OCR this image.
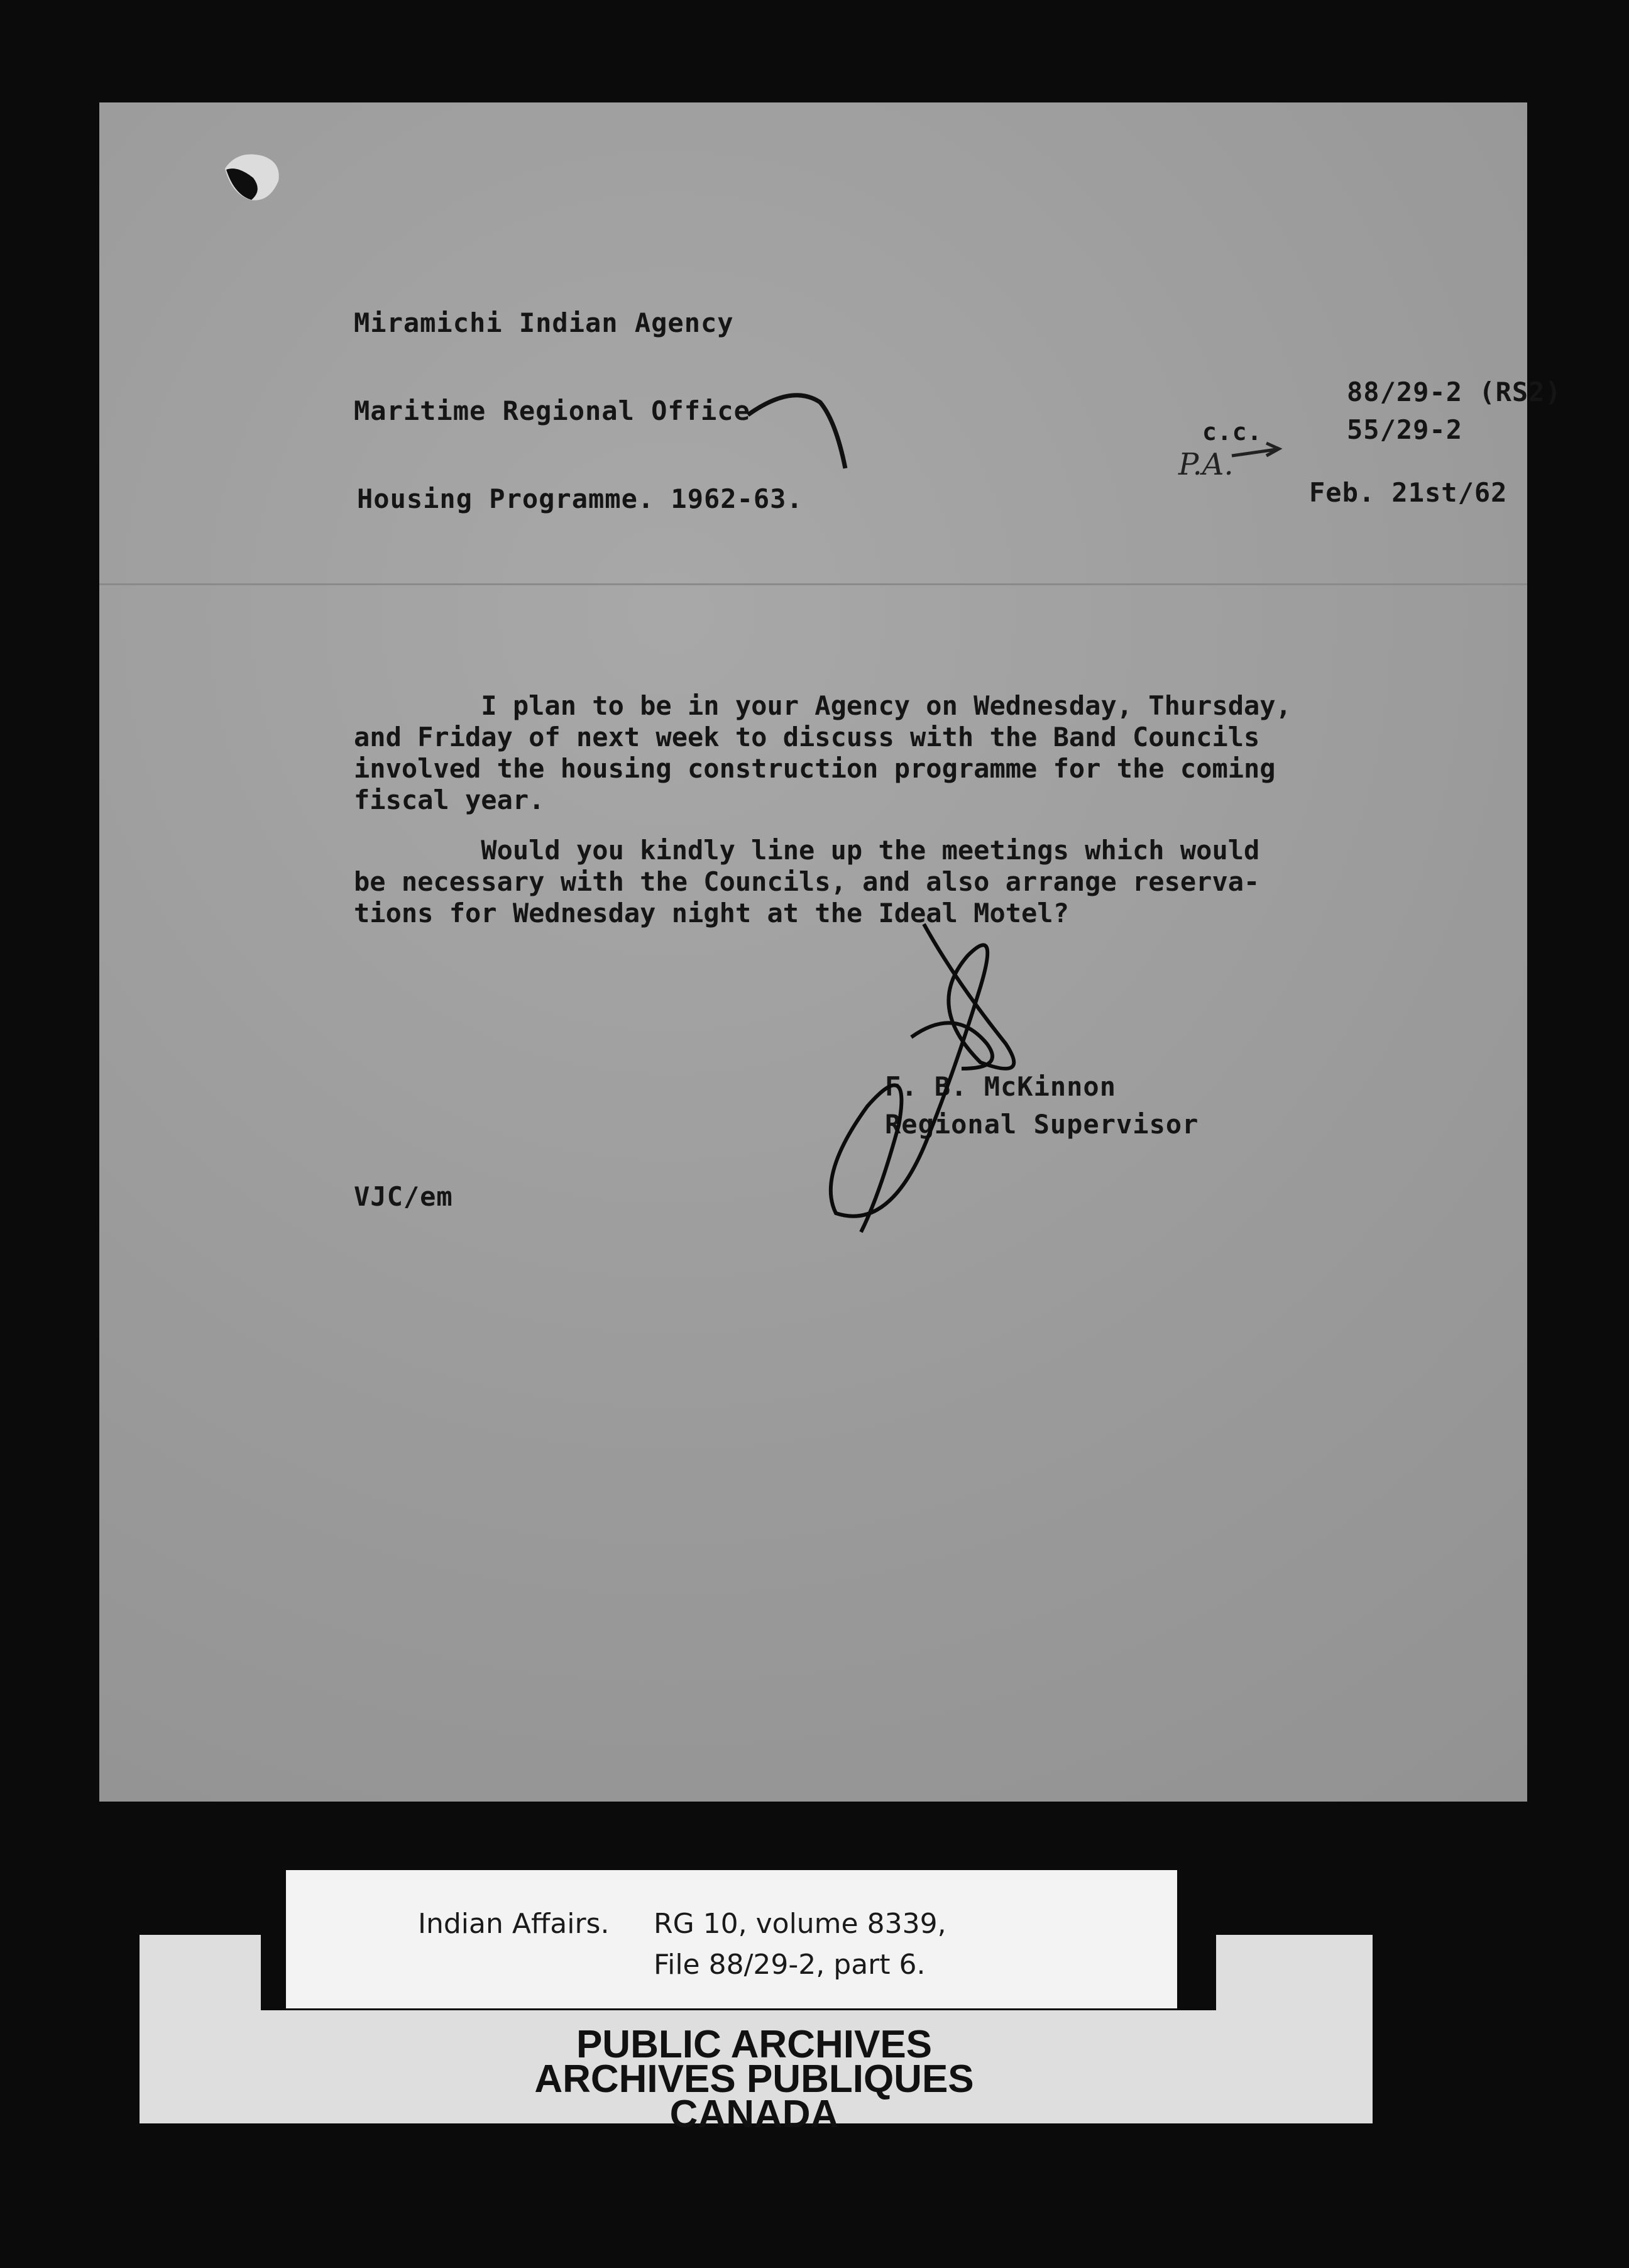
Miramichi Indian Agency
Maritime Regional Office
Housing Programme. 1962-63.
88/29-2 (RS2)
c.c.	55/29-2
Feb. 21st/62

I plan to be in your Agency on Wednesday, Thursday,

and Friday of next week to discuss with the Band Councils

involved the housing construction programme for the coming

fiscal year.

Would you kindly line up the meetings which would

be necessary with the Councils, and also arrange reserva-

tions for Wednesday night at the Ideal Motel?

F. B. McKinnon
Regional Supervisor
VJC/em
P.A.
Indian Affairs. RG 10, volume 8339,
File 88/29-2, part 6.
PUBLIC ARCHIVES
ARCHIVES PUBLIQUES
CANADA
